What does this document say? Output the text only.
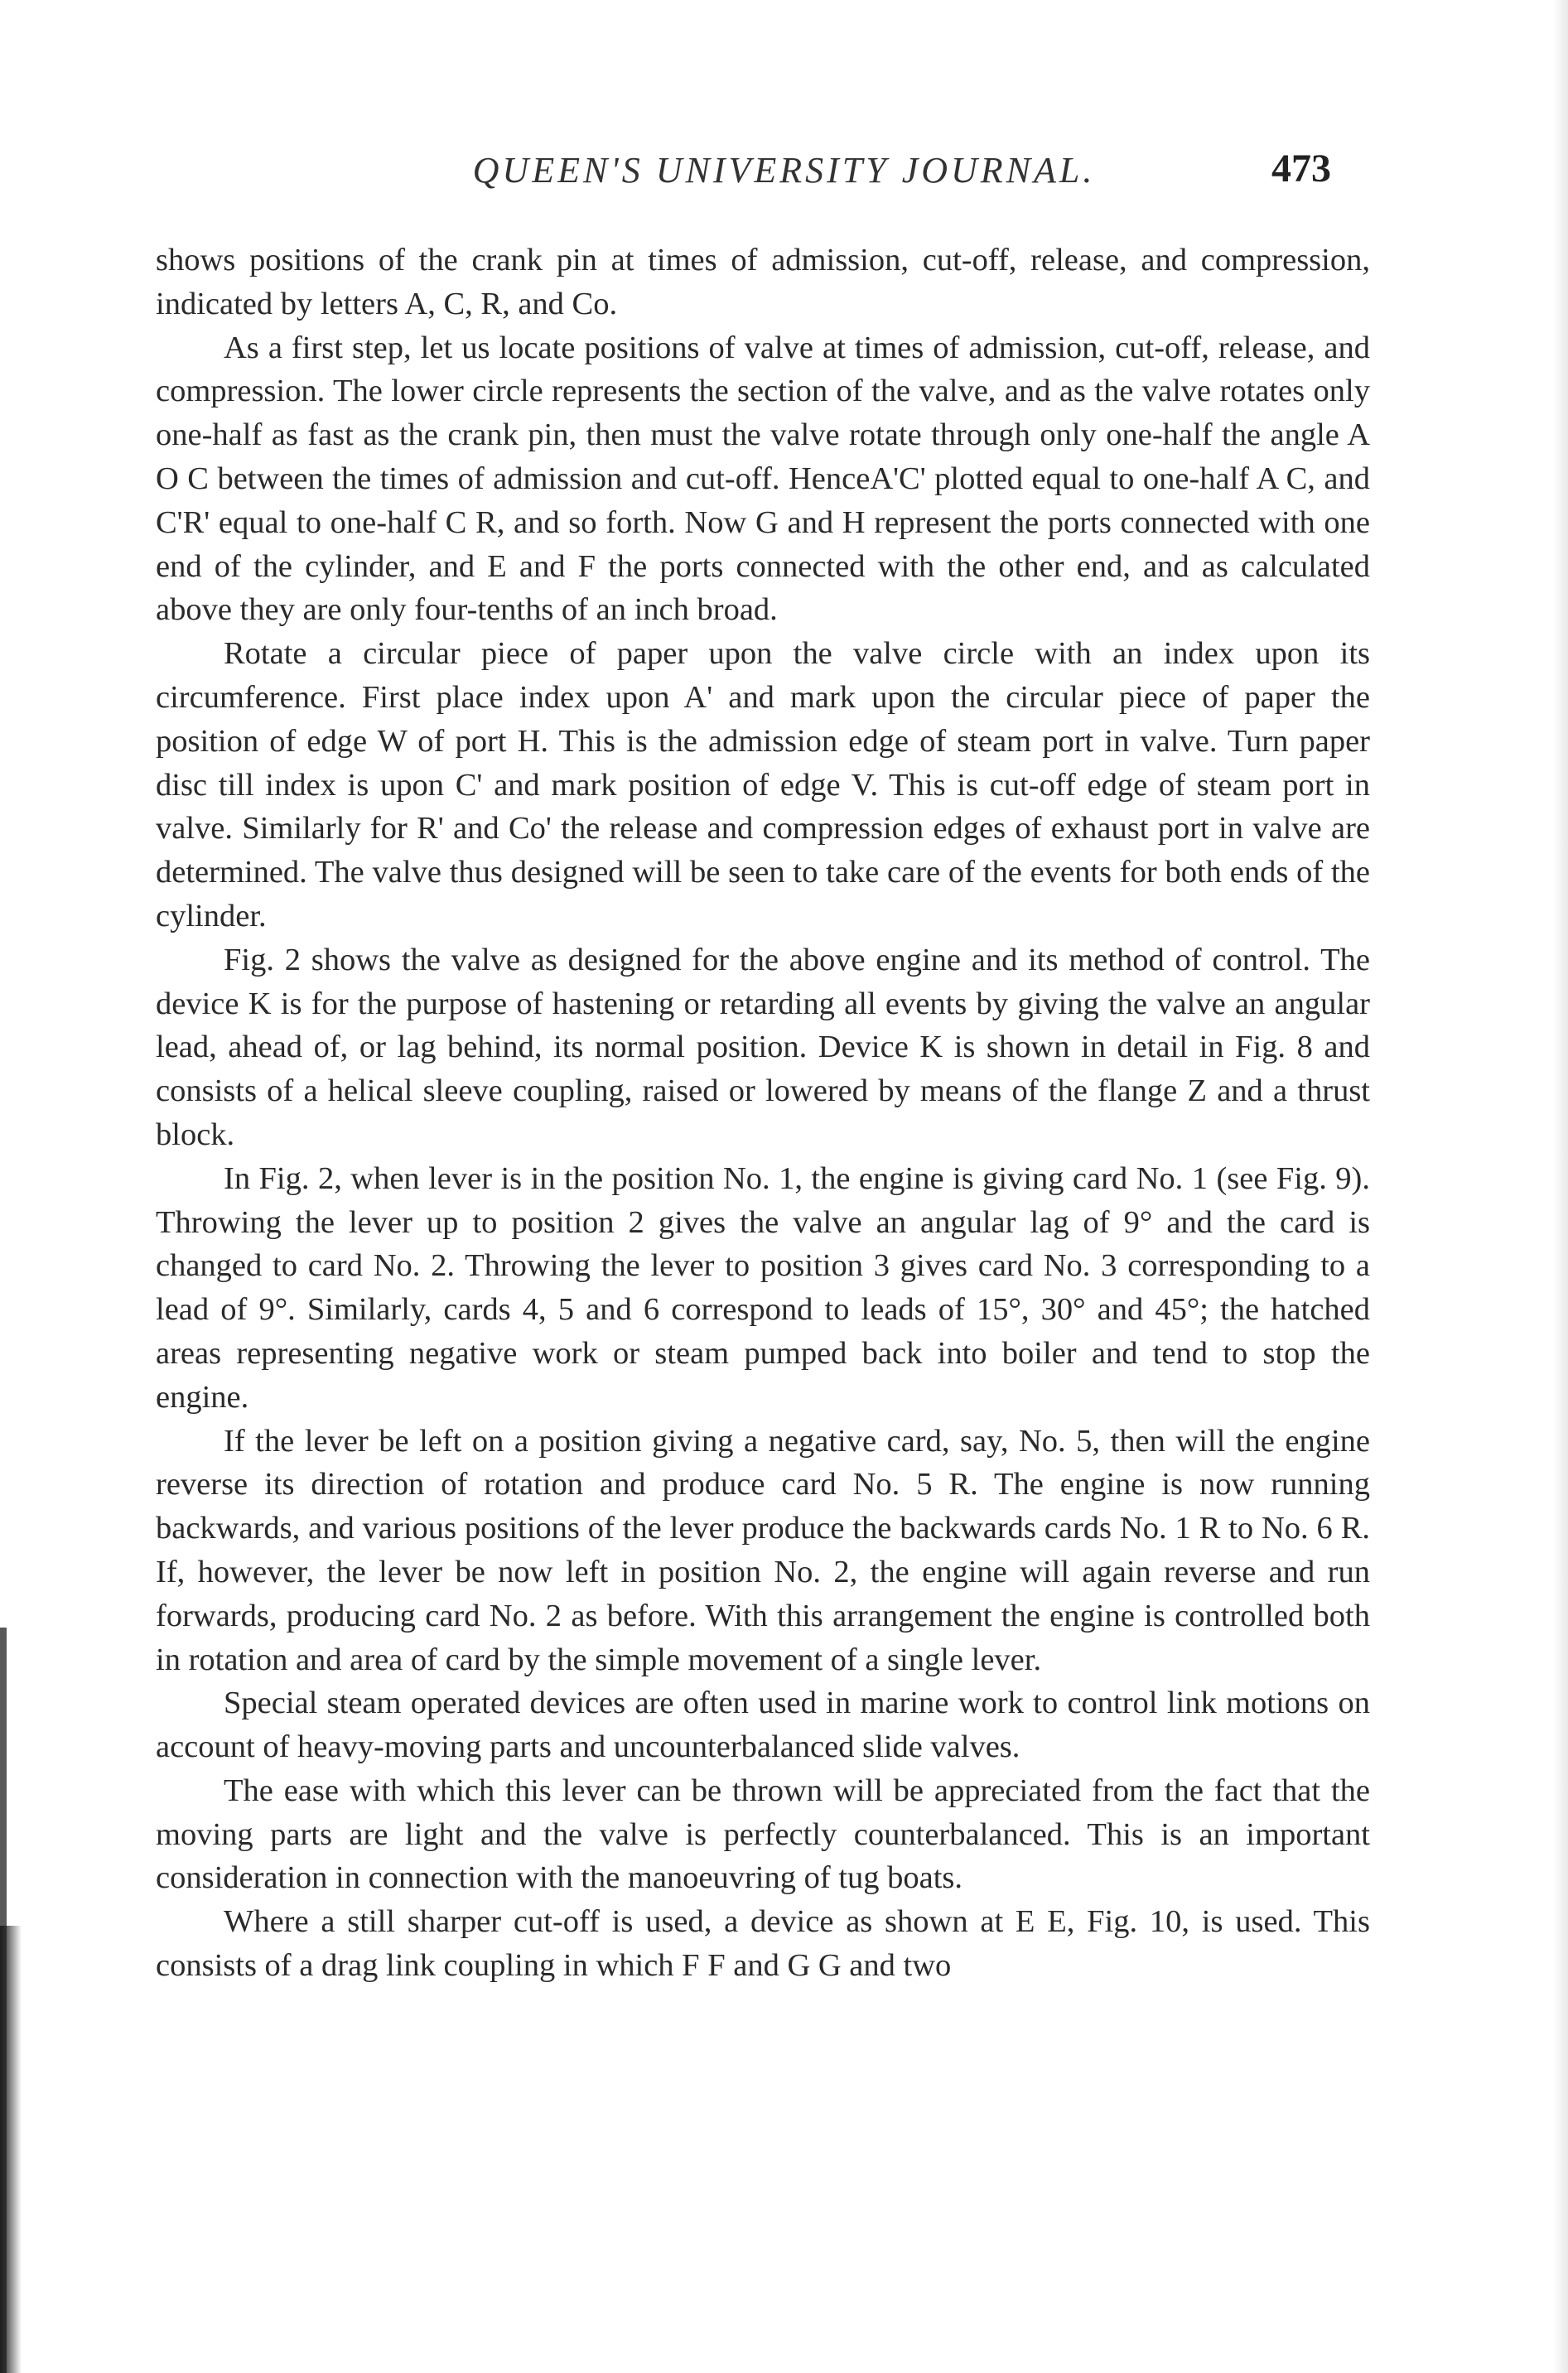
QUEEN'S UNIVERSITY JOURNAL.	473

shows positions of the crank pin at times of admission, cut-off, release, and compression, indicated by letters A, C, R, and Co.

As a first step, let us locate positions of valve at times of admission, cut-off, release, and compression. The lower circle represents the section of the valve, and as the valve rotates only one-half as fast as the crank pin, then must the valve rotate through only one-half the angle A O C between the times of admission and cut-off. HenceA'C' plotted equal to one-half A C, and C'R' equal to one-half C R, and so forth. Now G and H represent the ports connected with one end of the cylinder, and E and F the ports connected with the other end, and as calculated above they are only four-tenths of an inch broad.

Rotate a circular piece of paper upon the valve circle with an index upon its circumference. First place index upon A' and mark upon the circular piece of paper the position of edge W of port H. This is the admission edge of steam port in valve. Turn paper disc till index is upon C' and mark position of edge V. This is cut-off edge of steam port in valve. Similarly for R' and Co' the release and compression edges of exhaust port in valve are determined. The valve thus designed will be seen to take care of the events for both ends of the cylinder.

Fig. 2 shows the valve as designed for the above engine and its method of control. The device K is for the purpose of hastening or retarding all events by giving the valve an angular lead, ahead of, or lag behind, its normal position. Device K is shown in detail in Fig. 8 and consists of a helical sleeve coupling, raised or lowered by means of the flange Z and a thrust block.

In Fig. 2, when lever is in the position No. 1, the engine is giving card No. 1 (see Fig. 9). Throwing the lever up to position 2 gives the valve an angular lag of 9° and the card is changed to card No. 2. Throwing the lever to position 3 gives card No. 3 corresponding to a lead of 9°. Similarly, cards 4, 5 and 6 correspond to leads of 15°, 30° and 45°; the hatched areas representing negative work or steam pumped back into boiler and tend to stop the engine.

If the lever be left on a position giving a negative card, say, No. 5, then will the engine reverse its direction of rotation and produce card No. 5 R. The engine is now running backwards, and various positions of the lever produce the backwards cards No. 1 R to No. 6 R. If, however, the lever be now left in position No. 2, the engine will again reverse and run forwards, producing card No. 2 as before. With this arrangement the engine is controlled both in rotation and area of card by the simple movement of a single lever.

Special steam operated devices are often used in marine work to control link motions on account of heavy-moving parts and uncounterbalanced slide valves.

The ease with which this lever can be thrown will be appreciated from the fact that the moving parts are light and the valve is perfectly counterbalanced. This is an important consideration in connection with the manoeuvring of tug boats.

Where a still sharper cut-off is used, a device as shown at E E, Fig. 10, is used. This consists of a drag link coupling in which F F and G G and two
